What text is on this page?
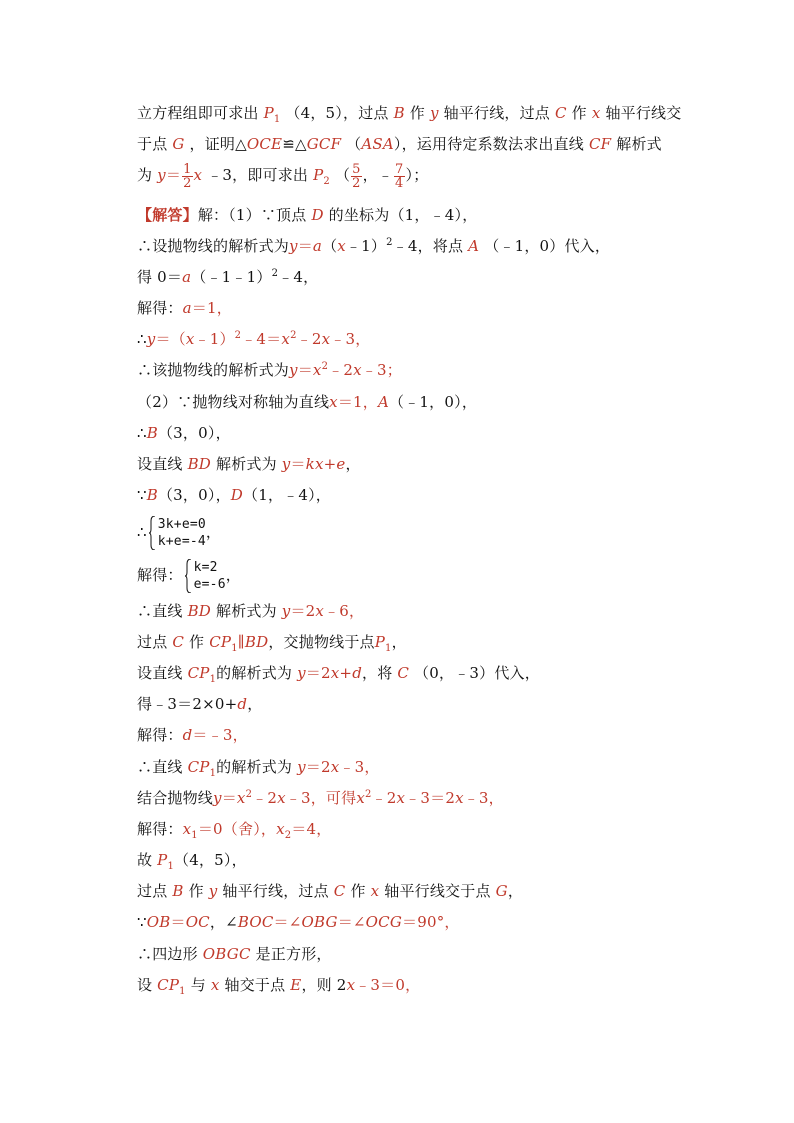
立方程组即可求出 $P_1$ （4，5），过点 B 作 y 轴平行线，过点 C 作 x 轴平行线交
于点 G ，证明△OCE≌△GCF （ASA），运用待定系数法求出直线 CF 解析式
为 $y= \frac{1}{2}$ x ﹣3，即可求出 $P_2$ （ $\frac{5}{2}$ ，﹣ $\frac{7}{4}$ ）；
【解答】解：（1）∵顶点 D 的坐标为（1，﹣4），
∴设抛物线的解析式为y＝a（x﹣1）$^2$﹣4，将点 A （﹣1，0）代入，
得 0＝a（﹣1﹣1）$^2$﹣4，
解得：a＝1，
$\therefore y=(x﹣1)^2﹣4=x^2﹣2x﹣3$，
∴该抛物线的解析式为$y=x^2﹣2x﹣3$；
（2）∵抛物线对称轴为直线x＝1，A（﹣1，0），
∴B（3，0），
设直线 BD 解析式为 y＝kx+e，
∵B（3，0），D（1，﹣4），
∴ 3k+e=0
k+e=-4
，
解得： k=2
e=-6
，
∴直线 BD 解析式为 y＝2x﹣6，
过点 C 作 $CP_1\parallel BD$，交抛物线于点$P_1$，
设直线 $CP_1$的解析式为 y＝2x+d，将 C （0，﹣3）代入，
得﹣3＝2×0+d，
解得：d＝﹣3，
∴直线 $CP_1$的解析式为 y＝2x﹣3，
结合抛物线$y=x^2﹣2x﹣3$，可得$x^2﹣2x﹣3=2x﹣3$，
解得：$x_1=0$（舍），$x_2=4$，
故 $P_1(4$，5），
过点 B 作 y 轴平行线，过点 C 作 x 轴平行线交于点 G，
∵OB＝OC，∠BOC＝∠OBG＝∠OCG＝90°，
∴四边形 OBGC 是正方形，
设 $CP_1$ 与 x 轴交于点 E，则 2x﹣3＝0，
